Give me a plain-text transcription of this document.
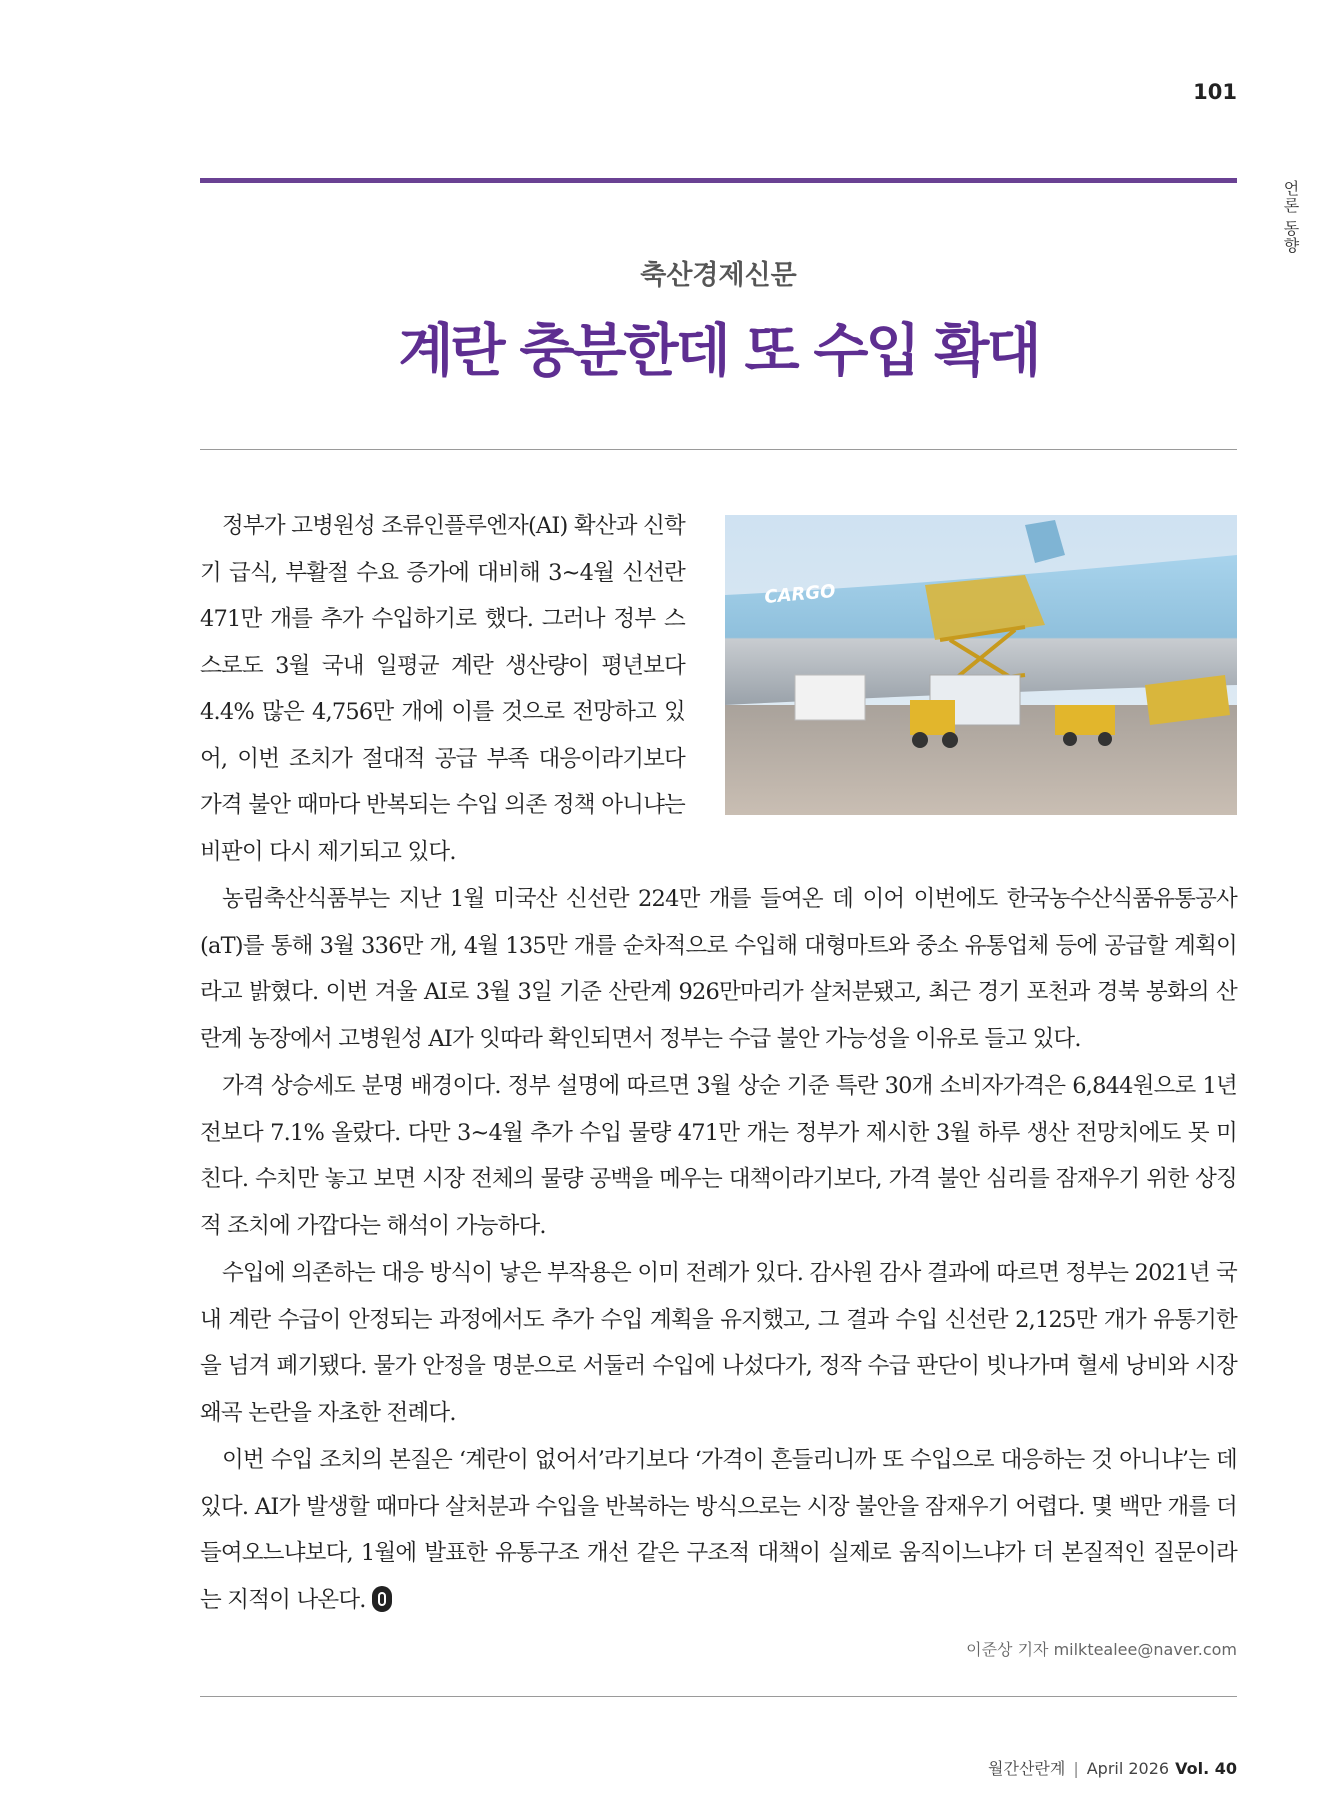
101
언론 동향
축산경제신문
계란 충분한데 또 수입 확대
CARGO

정부가 고병원성 조류인플루엔자(AI) 확산과 신학기 급식, 부활절 수요 증가에 대비해 3~4월 신선란 471만 개를 추가 수입하기로 했다. 그러나 정부 스스로도 3월 국내 일평균 계란 생산량이 평년보다 4.4% 많은 4,756만 개에 이를 것으로 전망하고 있어, 이번 조치가 절대적 공급 부족 대응이라기보다 가격 불안 때마다 반복되는 수입 의존 정책 아니냐는 비판이 다시 제기되고 있다.

농림축산식품부는 지난 1월 미국산 신선란 224만 개를 들여온 데 이어 이번에도 한국농수산식품유통공사(aT)를 통해 3월 336만 개, 4월 135만 개를 순차적으로 수입해 대형마트와 중소 유통업체 등에 공급할 계획이라고 밝혔다. 이번 겨울 AI로 3월 3일 기준 산란계 926만마리가 살처분됐고, 최근 경기 포천과 경북 봉화의 산란계 농장에서 고병원성 AI가 잇따라 확인되면서 정부는 수급 불안 가능성을 이유로 들고 있다.

가격 상승세도 분명 배경이다. 정부 설명에 따르면 3월 상순 기준 특란 30개 소비자가격은 6,844원으로 1년 전보다 7.1% 올랐다. 다만 3~4월 추가 수입 물량 471만 개는 정부가 제시한 3월 하루 생산 전망치에도 못 미친다. 수치만 놓고 보면 시장 전체의 물량 공백을 메우는 대책이라기보다, 가격 불안 심리를 잠재우기 위한 상징적 조치에 가깝다는 해석이 가능하다.

수입에 의존하는 대응 방식이 낳은 부작용은 이미 전례가 있다. 감사원 감사 결과에 따르면 정부는 2021년 국내 계란 수급이 안정되는 과정에서도 추가 수입 계획을 유지했고, 그 결과 수입 신선란 2,125만 개가 유통기한을 넘겨 폐기됐다. 물가 안정을 명분으로 서둘러 수입에 나섰다가, 정작 수급 판단이 빗나가며 혈세 낭비와 시장 왜곡 논란을 자초한 전례다.

이번 수입 조치의 본질은 ‘계란이 없어서’라기보다 ‘가격이 흔들리니까 또 수입으로 대응하는 것 아니냐’는 데 있다. AI가 발생할 때마다 살처분과 수입을 반복하는 방식으로는 시장 불안을 잠재우기 어렵다. 몇 백만 개를 더 들여오느냐보다, 1월에 발표한 유통구조 개선 같은 구조적 대책이 실제로 움직이느냐가 더 본질적인 질문이라는 지적이 나온다.

이준상 기자 milktealee@naver.com
월간산란계 | April 2026 Vol. 40
